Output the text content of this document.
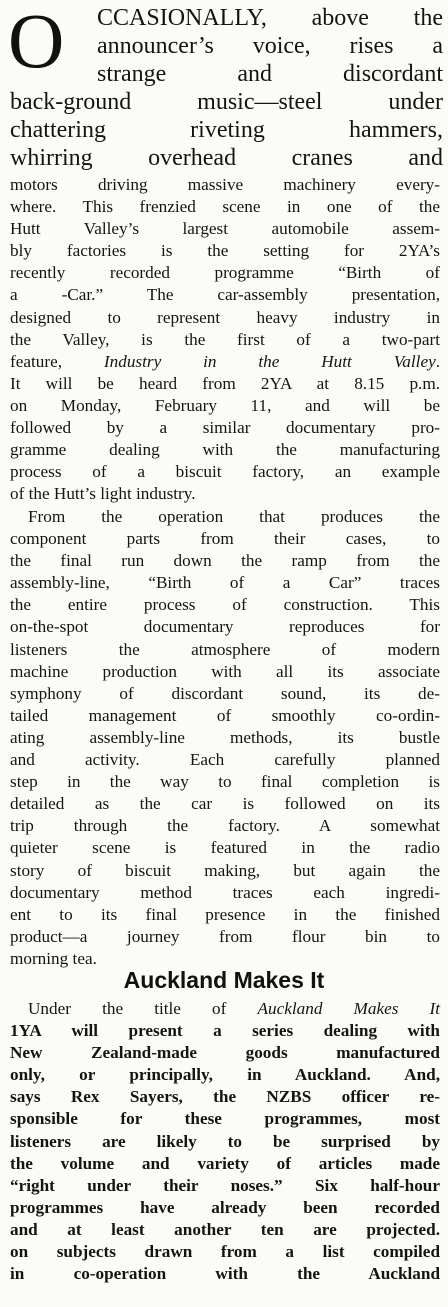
O	CCASIONALLY, above the
announcer’s voice, rises a
strange and discordant
back-ground music—steel under
chattering riveting hammers,
whirring overhead cranes and
motors driving massive machinery every-
where. This frenzied scene in one of the
Hutt Valley’s largest automobile assem-
bly factories is the setting for 2YA’s
recently recorded programme “Birth of
a -Car.” The car-assembly presentation,
designed to represent heavy industry in
the Valley, is the first of a two-part
feature, Industry in the Hutt Valley.
It will be heard from 2YA at 8.15 p.m.
on Monday, February 11, and will be
followed by a similar documentary pro-
gramme dealing with the manufacturing
process of a biscuit factory, an example
of the Hutt’s light industry.
From the operation that produces the
component parts from their cases, to
the final run down the ramp from the
assembly-line, “Birth of a Car” traces
the entire process of construction. This
on-the-spot documentary reproduces for
listeners the atmosphere of modern
machine production with all its associate
symphony of discordant sound, its de-
tailed management of smoothly co-ordin-
ating assembly-line methods, its bustle
and activity. Each carefully planned
step in the way to final completion is
detailed as the car is followed on its
trip through the factory. A somewhat
quieter scene is featured in the radio
story of biscuit making, but again the
documentary method traces each ingredi-
ent to its final presence in the finished
product—a journey from flour bin to
morning tea.
Auckland Makes It
Under the title of Auckland Makes It
1YA will present a series dealing with
New Zealand-made goods manufactured
only, or principally, in Auckland. And,
says Rex Sayers, the NZBS officer re-
sponsible for these programmes, most
listeners are likely to be surprised by
the volume and variety of articles made
“right under their noses.” Six half-hour
programmes have already been recorded
and at least another ten are projected.
on subjects drawn from a list compiled
in co-operation with the Auckland
